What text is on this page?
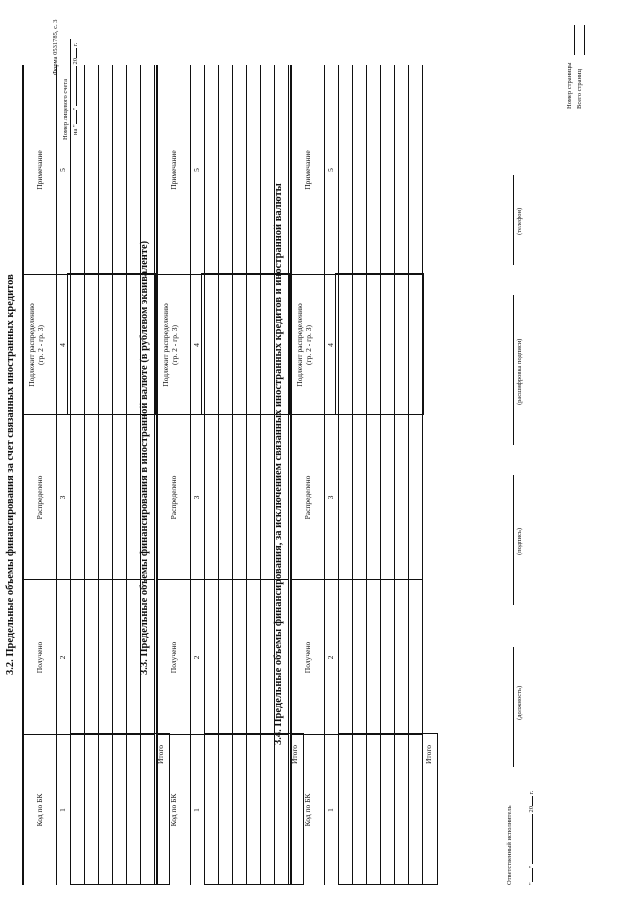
Форма 0531785, с. 3
Номер лицевого счета на ""  20 г.
3.2. Предельные объемы финансирования за счет связанных иностранных кредитов
Код по БК 1
Получено 2
Распределено 3
Подлежит распределению (гр. 2 - гр. 3) 4
Примечание 5
Итого
3.3. Предельные объемы финансирования в иностранной валюте (в рублевом эквиваленте)
Код по БК 1
Получено 2
Распределено 3
Подлежит распределению (гр. 2 - гр. 3) 4
Примечание 5
Итого
3.4. Предельные объемы финансирования, за исключением связанных иностранных кредитов и иностранной валюты
Код по БК 1
Получено 2
Распределено 3
Подлежит распределению (гр. 2 - гр. 3) 4
Примечание 5
Итого
Ответственный исполнитель
(должность)
(подпись)
(расшифровка подписи)
(телефон)
""  20 г.
Номер страницы Всего страниц
